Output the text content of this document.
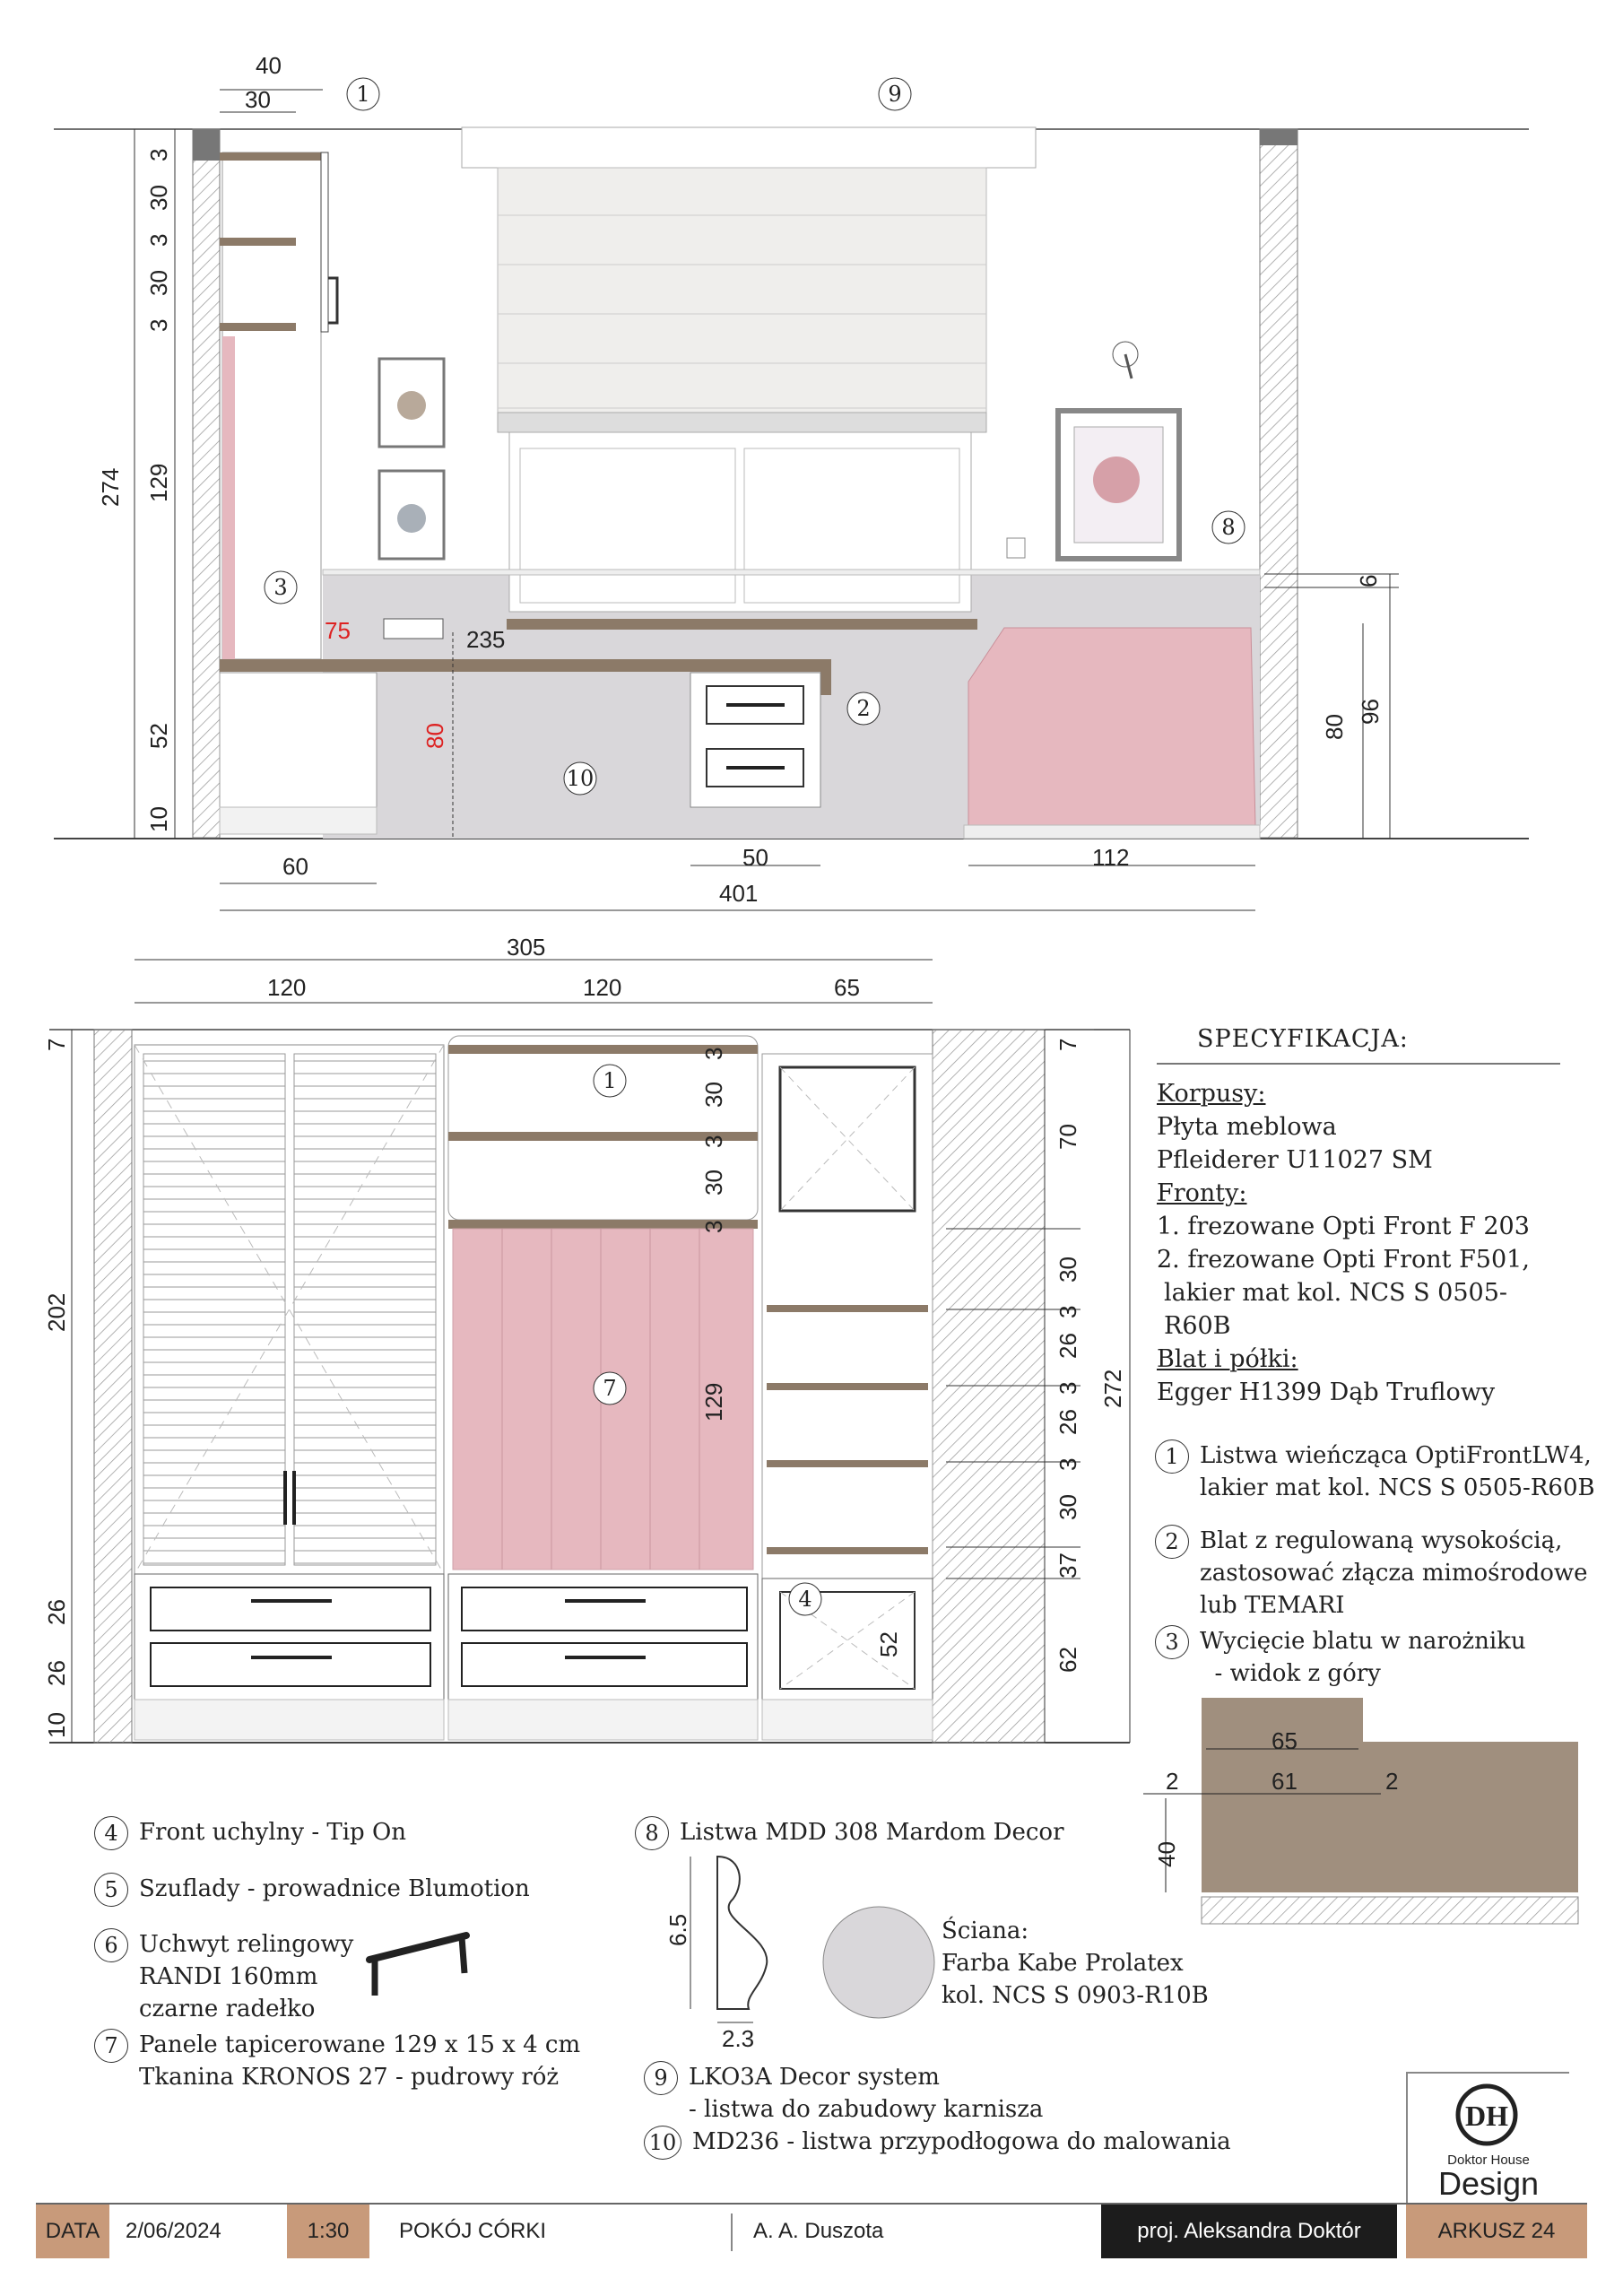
40
30
3
30
3
30
3
129
52
10
274
6
80
96
60	50	112
401
75
80
235
1	9
3
8
2
10
305
120	120	65
7
202
26
26
10
3
30
3
30
3
129
52
7
70
30
3
26
3
26
3
30
37
62
272
1
7
4
65
61
2	2
40
6.5
2.3
DH
SPECYFIKACJA:
Korpusy:
Płyta meblowa
Pfleiderer U11027 SM
Fronty:
1. frezowane Opti Front F 203
2. frezowane Opti Front F501,
lakier mat kol. NCS S 0505-R60B
Blat i półki:
Egger H1399 Dąb Truflowy
1 Listwa wieńcząca OptiFrontLW4,
lakier mat kol. NCS S 0505-R60B
2 Blat z regulowaną wysokością,
zastosować złącza mimośrodowe
lub TEMARI
3 Wycięcie blatu w narożniku
- widok z góry
4 Front uchylny - Tip On
5 Szuflady - prowadnice Blumotion
6 Uchwyt relingowy
RANDI 160mm
czarne radełko
7 Panele tapicerowane 129 x 15 x 4 cm
Tkanina KRONOS 27 - pudrowy róż
8 Listwa MDD 308 Mardom Decor
Ściana:
Farba Kabe Prolatex
kol. NCS S 0903-R10B
9 LKO3A Decor system
- listwa do zabudowy karnisza
10 MD236 - listwa przypodłogowa do malowania
Doktor House
Design
DATA	2/06/2024	1:30	POKÓJ CÓRKI	A. A. Duszota	proj. Aleksandra Doktór	ARKUSZ 24
